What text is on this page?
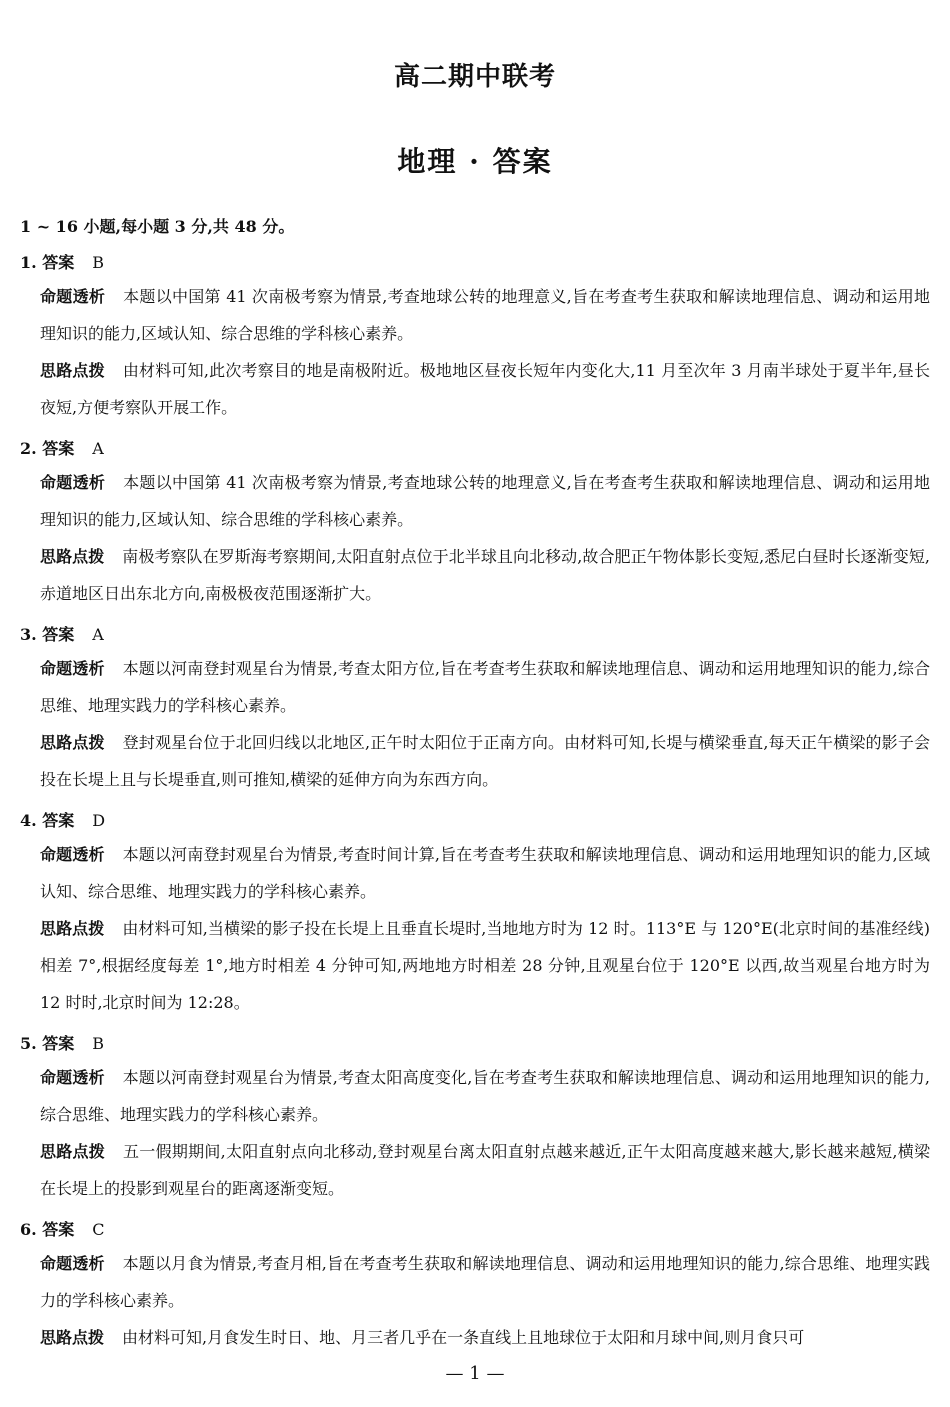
高二期中联考
地理 · 答案
1 ~ 16 小题,每小题 3 分,共 48 分。
1. 答案 B
命题透析 本题以中国第 41 次南极考察为情景,考查地球公转的地理意义,旨在考查考生获取和解读地理信息、调动和运用地理知识的能力,区域认知、综合思维的学科核心素养。
思路点拨 由材料可知,此次考察目的地是南极附近。极地地区昼夜长短年内变化大,11 月至次年 3 月南半球处于夏半年,昼长夜短,方便考察队开展工作。
2. 答案 A
命题透析 本题以中国第 41 次南极考察为情景,考查地球公转的地理意义,旨在考查考生获取和解读地理信息、调动和运用地理知识的能力,区域认知、综合思维的学科核心素养。
思路点拨 南极考察队在罗斯海考察期间,太阳直射点位于北半球且向北移动,故合肥正午物体影长变短,悉尼白昼时长逐渐变短,赤道地区日出东北方向,南极极夜范围逐渐扩大。
3. 答案 A
命题透析 本题以河南登封观星台为情景,考查太阳方位,旨在考查考生获取和解读地理信息、调动和运用地理知识的能力,综合思维、地理实践力的学科核心素养。
思路点拨 登封观星台位于北回归线以北地区,正午时太阳位于正南方向。由材料可知,长堤与横梁垂直,每天正午横梁的影子会投在长堤上且与长堤垂直,则可推知,横梁的延伸方向为东西方向。
4. 答案 D
命题透析 本题以河南登封观星台为情景,考查时间计算,旨在考查考生获取和解读地理信息、调动和运用地理知识的能力,区域认知、综合思维、地理实践力的学科核心素养。
思路点拨 由材料可知,当横梁的影子投在长堤上且垂直长堤时,当地地方时为 12 时。113°E 与 120°E(北京时间的基准经线)相差 7°,根据经度每差 1°,地方时相差 4 分钟可知,两地地方时相差 28 分钟,且观星台位于 120°E 以西,故当观星台地方时为 12 时时,北京时间为 12:28。
5. 答案 B
命题透析 本题以河南登封观星台为情景,考查太阳高度变化,旨在考查考生获取和解读地理信息、调动和运用地理知识的能力,综合思维、地理实践力的学科核心素养。
思路点拨 五一假期期间,太阳直射点向北移动,登封观星台离太阳直射点越来越近,正午太阳高度越来越大,影长越来越短,横梁在长堤上的投影到观星台的距离逐渐变短。
6. 答案 C
命题透析 本题以月食为情景,考查月相,旨在考查考生获取和解读地理信息、调动和运用地理知识的能力,综合思维、地理实践力的学科核心素养。
思路点拨 由材料可知,月食发生时日、地、月三者几乎在一条直线上且地球位于太阳和月球中间,则月食只可
— 1 —
